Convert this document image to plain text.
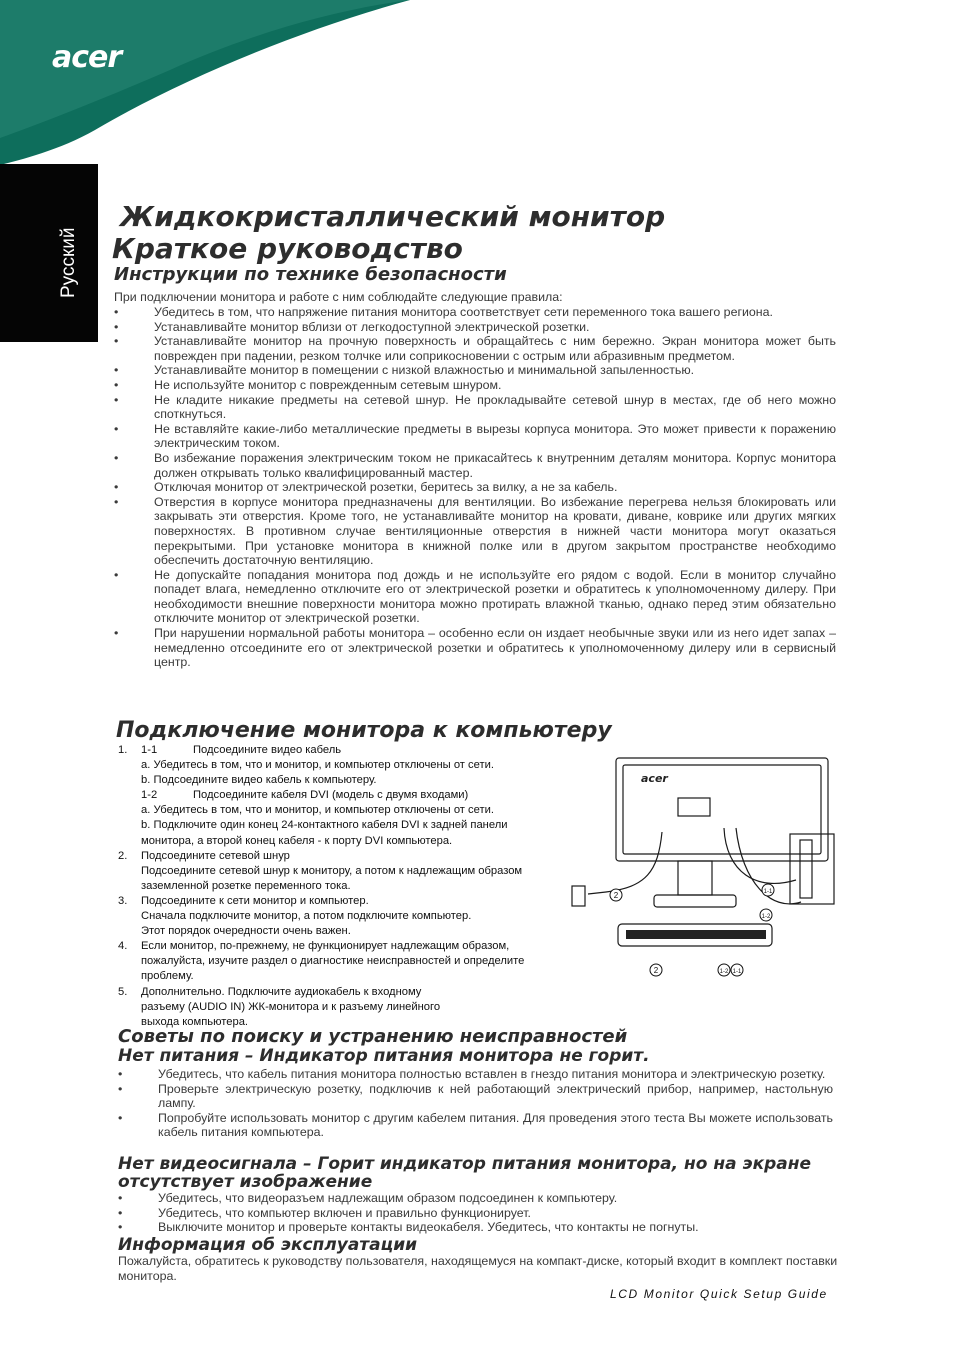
acer
Русский
Жидкокристаллический монитор
Краткое руководство
Инструкции по технике безопасности

При подключении монитора и работе с ним соблюдайте следующие правила:

•	Убедитесь в том, что напряжение питания монитора соответствует сети переменного тока вашего региона.
•	Устанавливайте монитор вблизи от легкодоступной электрической розетки.
•	Устанавливайте монитор на прочную поверхность и обращайтесь с ним бережно. Экран монитора может быть поврежден при падении, резком толчке или соприкосновении с острым или абразивным предметом.
•	Устанавливайте монитор в помещении с низкой влажностью и минимальной запыленностью.
•	Не используйте монитор с поврежденным сетевым шнуром.
•	Не кладите никакие предметы на сетевой шнур. Не прокладывайте сетевой шнур в местах, где об него можно споткнуться.
•	Не вставляйте какие-либо металлические предметы в вырезы корпуса монитора. Это может привести к поражению электрическим током.
•	Во избежание поражения электрическим током не прикасайтесь к внутренним деталям монитора. Корпус монитора должен открывать только квалифицированный мастер.
•	Отключая монитор от электрической розетки, беритесь за вилку, а не за кабель.
•	Отверстия в корпусе монитора предназначены для вентиляции. Во избежание перегрева нельзя блокировать или закрывать эти отверстия. Кроме того, не устанавливайте монитор на кровати, диване, коврике или других мягких поверхностях. В противном случае вентиляционные отверстия в нижней части монитора могут оказаться перекрытыми. При установке монитора в книжной полке или в другом закрытом пространстве необходимо обеспечить достаточную вентиляцию.
•	Не допускайте попадания монитора под дождь и не используйте его рядом с водой. Если в монитор случайно попадет влага, немедленно отключите его от электрической розетки и обратитесь к уполномоченному дилеру. При необходимости внешние поверхности монитора можно протирать влажной тканью, однако перед этим обязательно отключите монитор от электрической розетки.
•	При нарушении нормальной работы монитора – особенно если он издает необычные звуки или из него идет запах – немедленно отсоедините его от электрической розетки и обратитесь к уполномоченному дилеру или в сервисный центр.
Подключение монитора к компьютеру
1. 1-1	Подсоедините видео кабель
a. Убедитесь в том, что и монитор, и компьютер отключены от сети.
b. Подсоедините видео кабель к компьютеру.
1-2	Подсоедините кабеля DVI (модель с двумя входами)
a. Убедитесь в том, что и монитор, и компьютер отключены от сети.
b. Подключите один конец 24-контактного кабеля DVI к задней панели
монитора, а второй конец кабеля - к порту DVI компьютера.
2. Подсоедините сетевой шнур
Подсоедините сетевой шнур к монитору, а потом к надлежащим образом
заземленной розетке переменного тока.
3. Подсоедините к сети монитор и компьютер.
Сначала подключите монитор, а потом подключите компьютер.
Этот порядок очередности очень важен.
4. Если монитор, по-прежнему, не функционирует надлежащим образом,
пожалуйста, изучите раздел о диагностике неисправностей и определите
проблему.
5. Дополнительно. Подключите аудиокабель к входному
разъему (AUDIO IN) ЖК-монитора и к разъему линейного
выхода компьютера.
acer
2	1-1
1-2
2	1-2 1-1
Советы по поиску и устранению неисправностей
Нет питания – Индикатор питания монитора не горит.
•	Убедитесь, что кабель питания монитора полностью вставлен в гнездо питания монитора и электрическую розетку.
•	Проверьте электрическую розетку, подключив к ней работающий электрический прибор, например, настольную лампу.
•	Попробуйте использовать монитор с другим кабелем питания. Для проведения этого теста Вы можете использовать кабель питания компьютера.
Нет видеосигнала – Горит индикатор питания монитора, но на экране
отсутствует изображение
•	Убедитесь, что видеоразъем надлежащим образом подсоединен к компьютеру.
•	Убедитесь, что компьютер включен и правильно функционирует.
•	Выключите монитор и проверьте контакты видеокабеля. Убедитесь, что контакты не погнуты.
Информация об эксплуатации

Пожалуйста, обратитесь к руководству пользователя, находящемуся на компакт-диске, который входит в комплект поставки монитора.

LCD Monitor Quick Setup Guide
